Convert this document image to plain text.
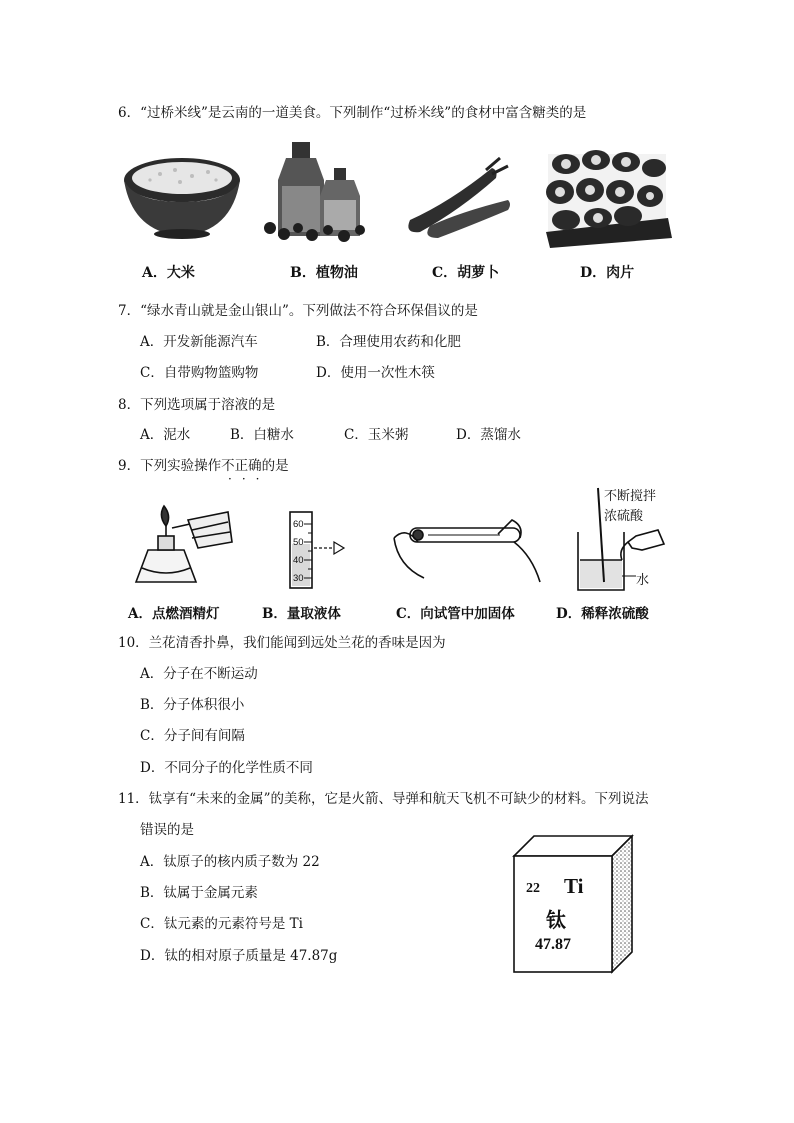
6．“过桥米线”是云南的一道美食。下列制作“过桥米线”的食材中富含糖类的是
A．大米	B．植物油	C．胡萝卜	D．肉片
7．“绿水青山就是金山银山”。下列做法不符合环保倡议的是
A．开发新能源汽车	B．合理使用农药和化肥
C．自带购物篮购物	D．使用一次性木筷
8．下列选项属于溶液的是
A．泥水	B．白糖水	C．玉米粥	D．蒸馏水
9．下列实验操作不正确的是
···
60
50
40
30
不断搅拌
浓硫酸
水
A．点燃酒精灯	B．量取液体	C．向试管中加固体	D．稀释浓硫酸
10．兰花清香扑鼻，我们能闻到远处兰花的香味是因为
A．分子在不断运动
B．分子体积很小
C．分子间有间隔
D．不同分子的化学性质不同
11．钛享有“未来的金属”的美称，它是火箭、导弹和航天飞机不可缺少的材料。下列说法
错误的是
A．钛原子的核内质子数为 22
B．钛属于金属元素
C．钛元素的元素符号是 Ti
D．钛的相对原子质量是 47.87g
22 Ti
钛
47.87
